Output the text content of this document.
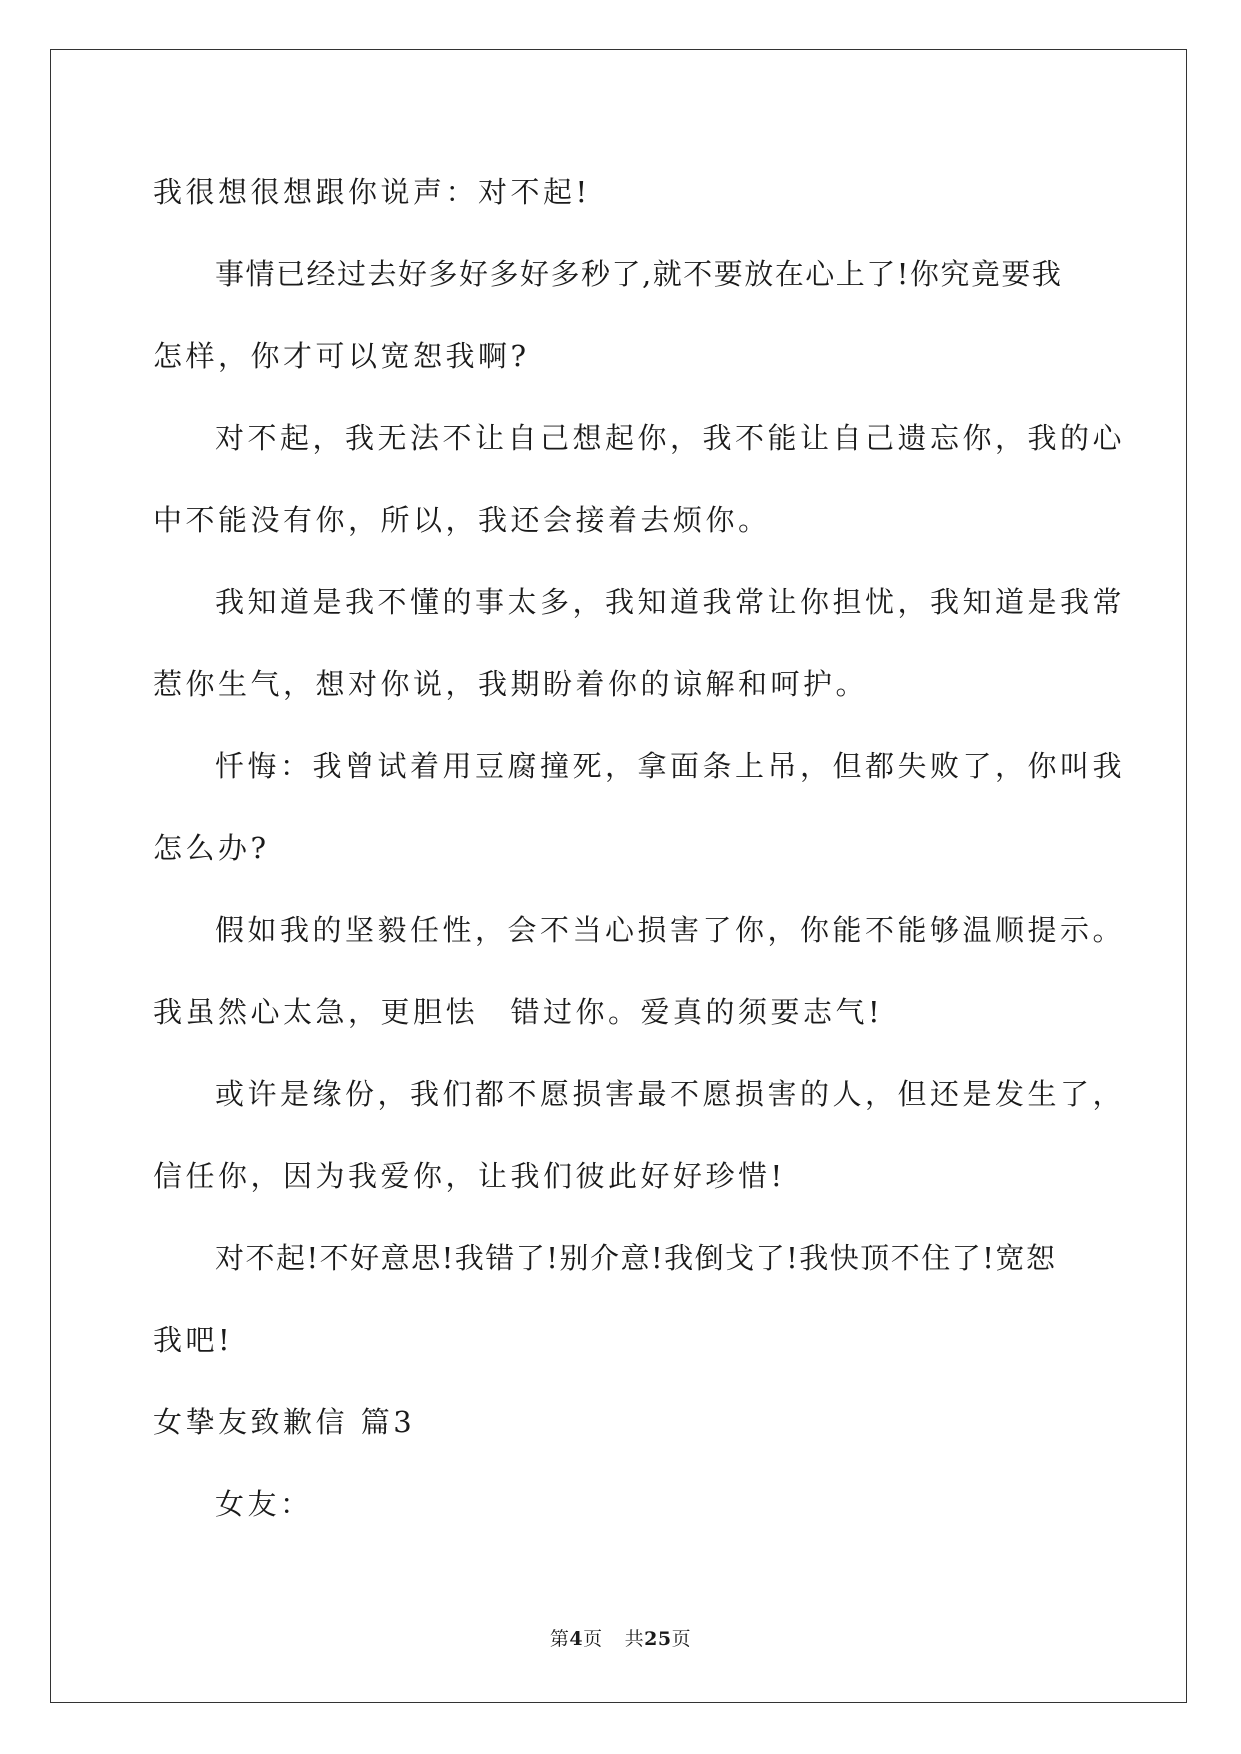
我很想很想跟你说声：对不起!
事情已经过去好多好多好多秒了,就不要放在心上了!你究竟要我
怎样，你才可以宽恕我啊?
对不起，我无法不让自己想起你，我不能让自己遗忘你，我的心
中不能没有你，所以，我还会接着去烦你。
我知道是我不懂的事太多，我知道我常让你担忧，我知道是我常
惹你生气，想对你说，我期盼着你的谅解和呵护。
忏悔：我曾试着用豆腐撞死，拿面条上吊，但都失败了，你叫我
怎么办?
假如我的坚毅任性，会不当心损害了你，你能不能够温顺提示。
我虽然心太急，更胆怯　错过你。爱真的须要志气!
或许是缘份，我们都不愿损害最不愿损害的人，但还是发生了，
信任你，因为我爱你，让我们彼此好好珍惜!
对不起!不好意思!我错了!别介意!我倒戈了!我快顶不住了!宽恕
我吧!
女挚友致歉信 篇3
女友：
第4页 共25页
